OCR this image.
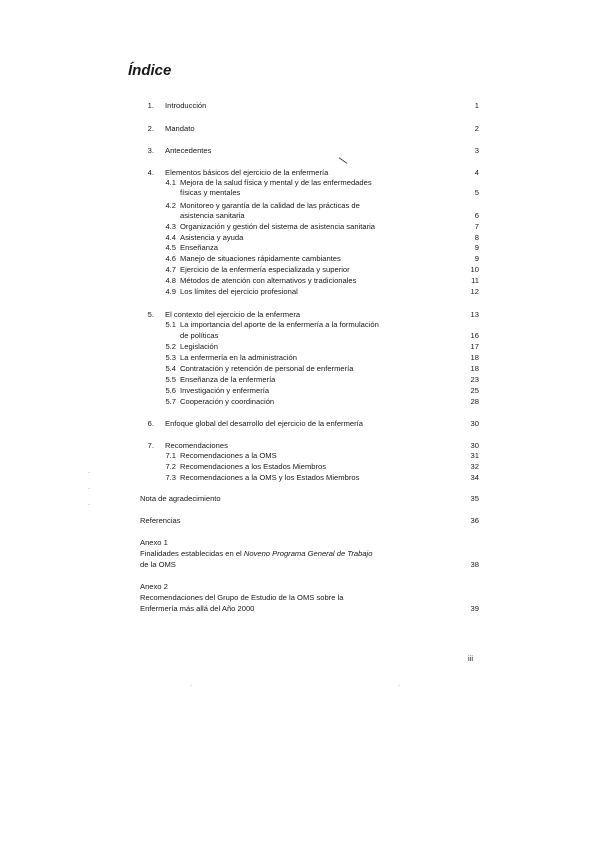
Índice
1. Introducción	1
2. Mandato	2
3. Antecedentes	3
4. Elementos básicos del ejercicio de la enfermería	4
4.1 Mejora de la salud física y mental y de las enfermedades
físicas y mentales	5
4.2 Monitoreo y garantía de la calidad de las prácticas de
asistencia sanitaria	6
4.3 Organización y gestión del sistema de asistencia sanitaria	7
4.4 Asistencia y ayuda	8
4.5 Enseñanza	9
4.6 Manejo de situaciones rápidamente cambiantes	9
4.7 Ejercicio de la enfermería especializada y superior	10
4.8 Métodos de atención con alternativos y tradicionales	11
4.9 Los límites del ejercicio profesional	12
5. El contexto del ejercicio de la enfermera	13
5.1 La importancia del aporte de la enfermería a la formulación
de políticas	16
5.2 Legislación	17
5.3 La enfermería en la administración	18
5.4 Contratación y retención de personal de enfermería	18
5.5 Enseñanza de la enfermería	23
5.6 Investigación y enfermería	25
5.7 Cooperación y coordinación	28
6. Enfoque global del desarrollo del ejercicio de la enfermería	30
7. Recomendaciones	30
7.1 Recomendaciones a la OMS	31
7.2 Recomendaciones a los Estados Miembros	32
7.3 Recomendaciones a la OMS y los Estados Miembros	34
Nota de agradecimiento	35
Referencias	36
Anexo 1
Finalidades establecidas en el Noveno Programa General de Trabajo
de la OMS	38
Anexo 2
Recomendaciones del Grupo de Estudio de la OMS sobre la
Enfermería más allá del Año 2000	39
iii
·
·
·
·	·
